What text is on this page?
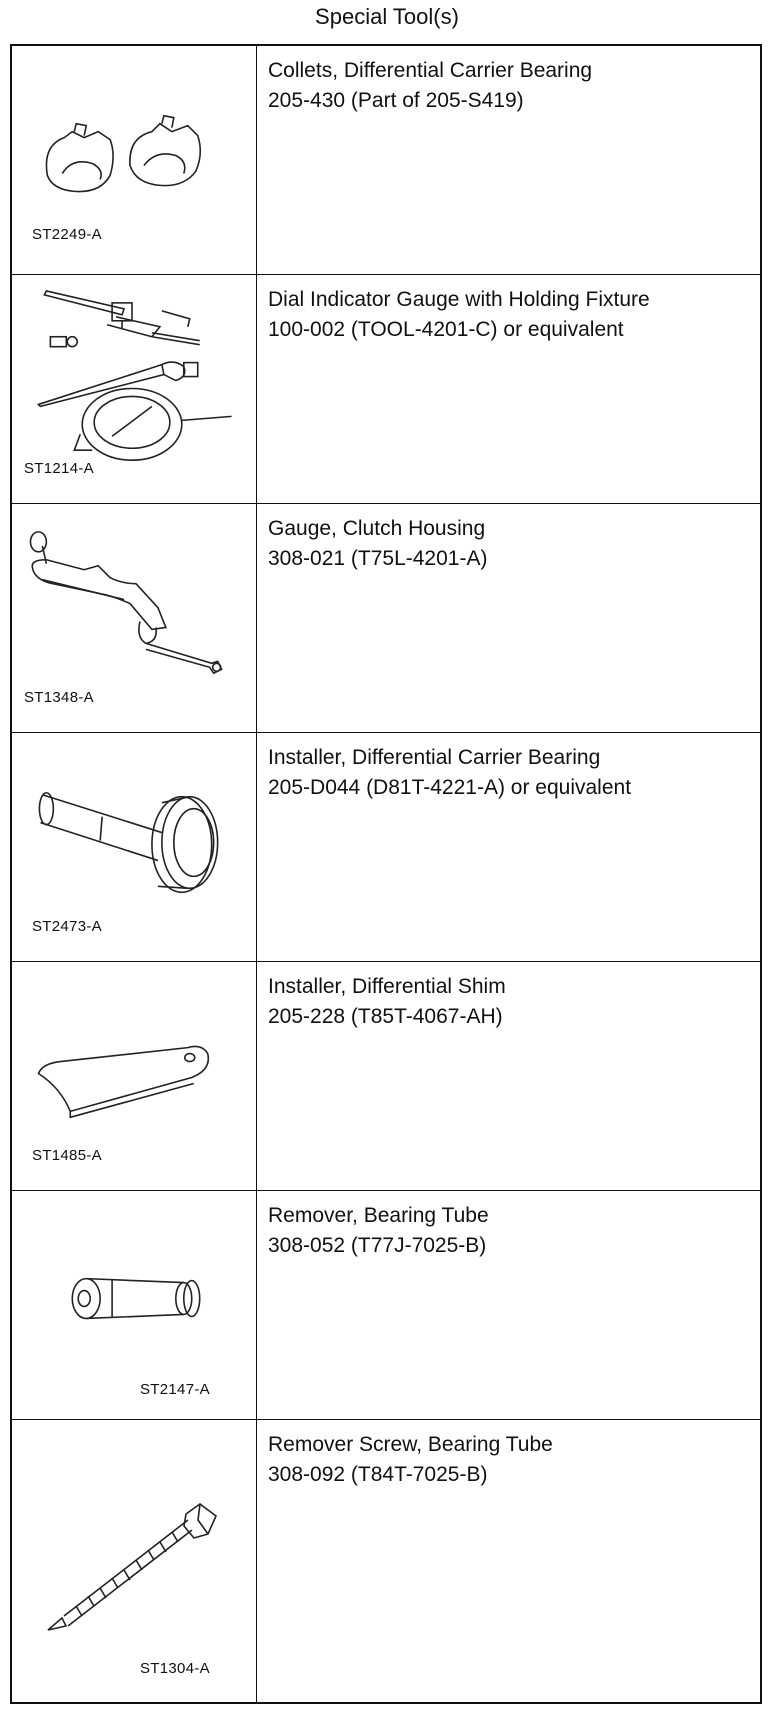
Special Tool(s)
ST2249-A
Collets, Differential Carrier Bearing
205-430 (Part of 205-S419)
ST1214-A
Dial Indicator Gauge with Holding Fixture
100-002 (TOOL-4201-C) or equivalent
ST1348-A
Gauge, Clutch Housing
308-021 (T75L-4201-A)
ST2473-A
Installer, Differential Carrier Bearing
205-D044 (D81T-4221-A) or equivalent
ST1485-A
Installer, Differential Shim
205-228 (T85T-4067-AH)
ST2147-A
Remover, Bearing Tube
308-052 (T77J-7025-B)
ST1304-A
Remover Screw, Bearing Tube
308-092 (T84T-7025-B)
